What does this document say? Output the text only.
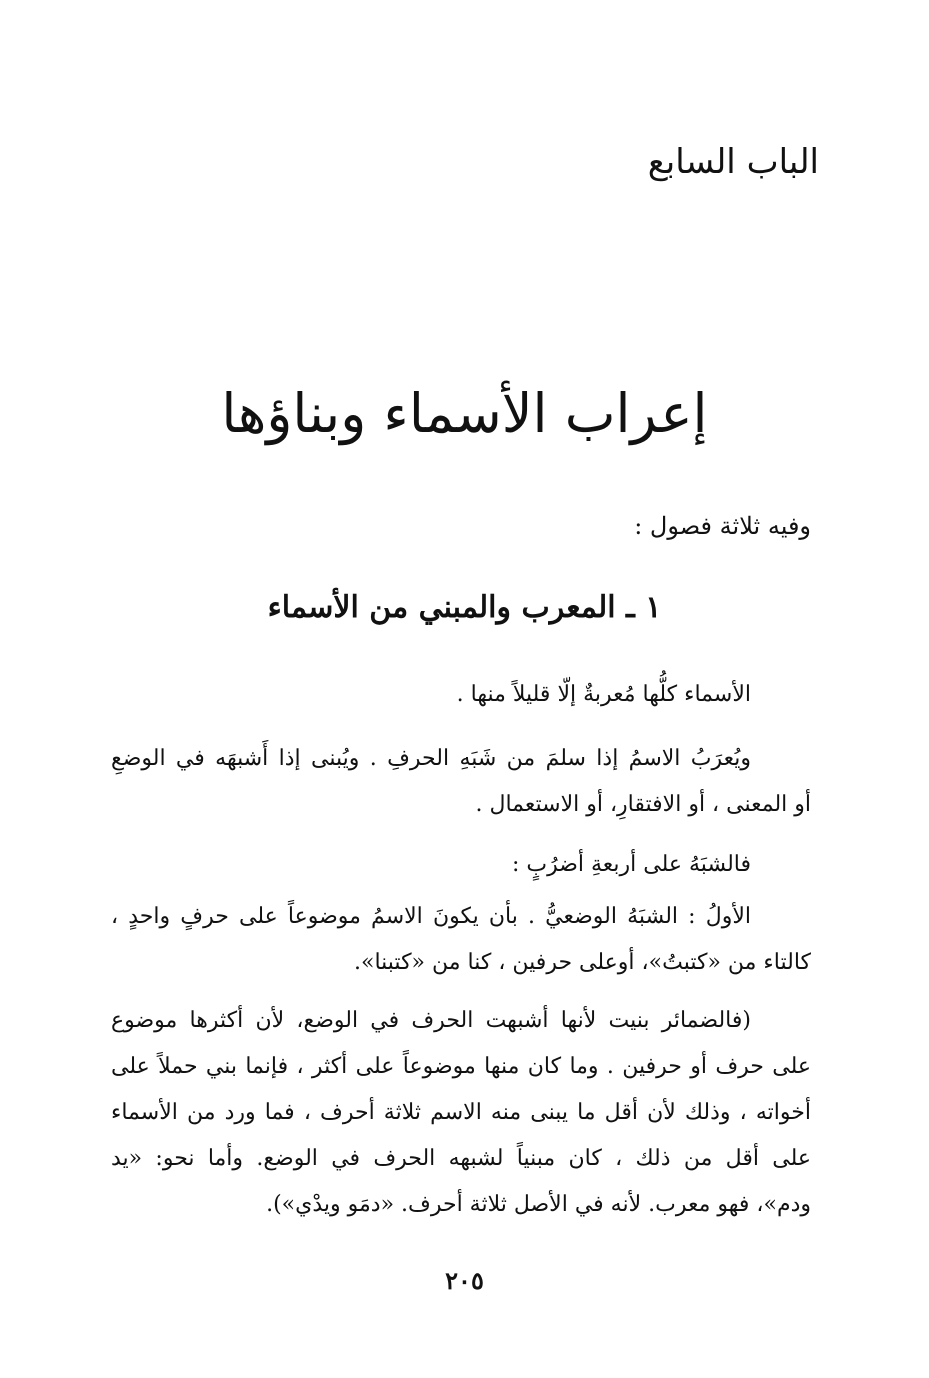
الباب السابع
إعراب الأسماء وبناؤها
وفيه ثلاثة فصول :
١ ـ المعرب والمبني من الأسماء
الأسماء كلُّها مُعربةٌ إلّا قليلاً منها .
ويُعرَبُ الاسمُ إذا سلمَ من شَبَهِ الحرفِ . ويُبنى إذا أَشبهَه في الوضعِ
أو المعنى ، أو الافتقارِ، أو الاستعمال .
فالشبَهُ على أربعةِ أضرُبٍ :
الأولُ : الشبَهُ الوضعيُّ . بأن يكونَ الاسمُ موضوعاً على حرفٍ واحدٍ ،
كالتاء من «كتبتُ»، أوعلى حرفين ، كنا من «كتبنا».
(فالضمائر بنيت لأنها أشبهت الحرف في الوضع، لأن أكثرها موضوع
على حرف أو حرفين . وما كان منها موضوعاً على أكثر ، فإنما بني حملاً على
أخواته ، وذلك لأن أقل ما يبنى منه الاسم ثلاثة أحرف ، فما ورد من الأسماء
على أقل من ذلك ، كان مبنياً لشبهه الحرف في الوضع. وأما نحو: «يد
ودم»، فهو معرب. لأنه في الأصل ثلاثة أحرف. «دمَو ويدْي»).
٢٠٥
